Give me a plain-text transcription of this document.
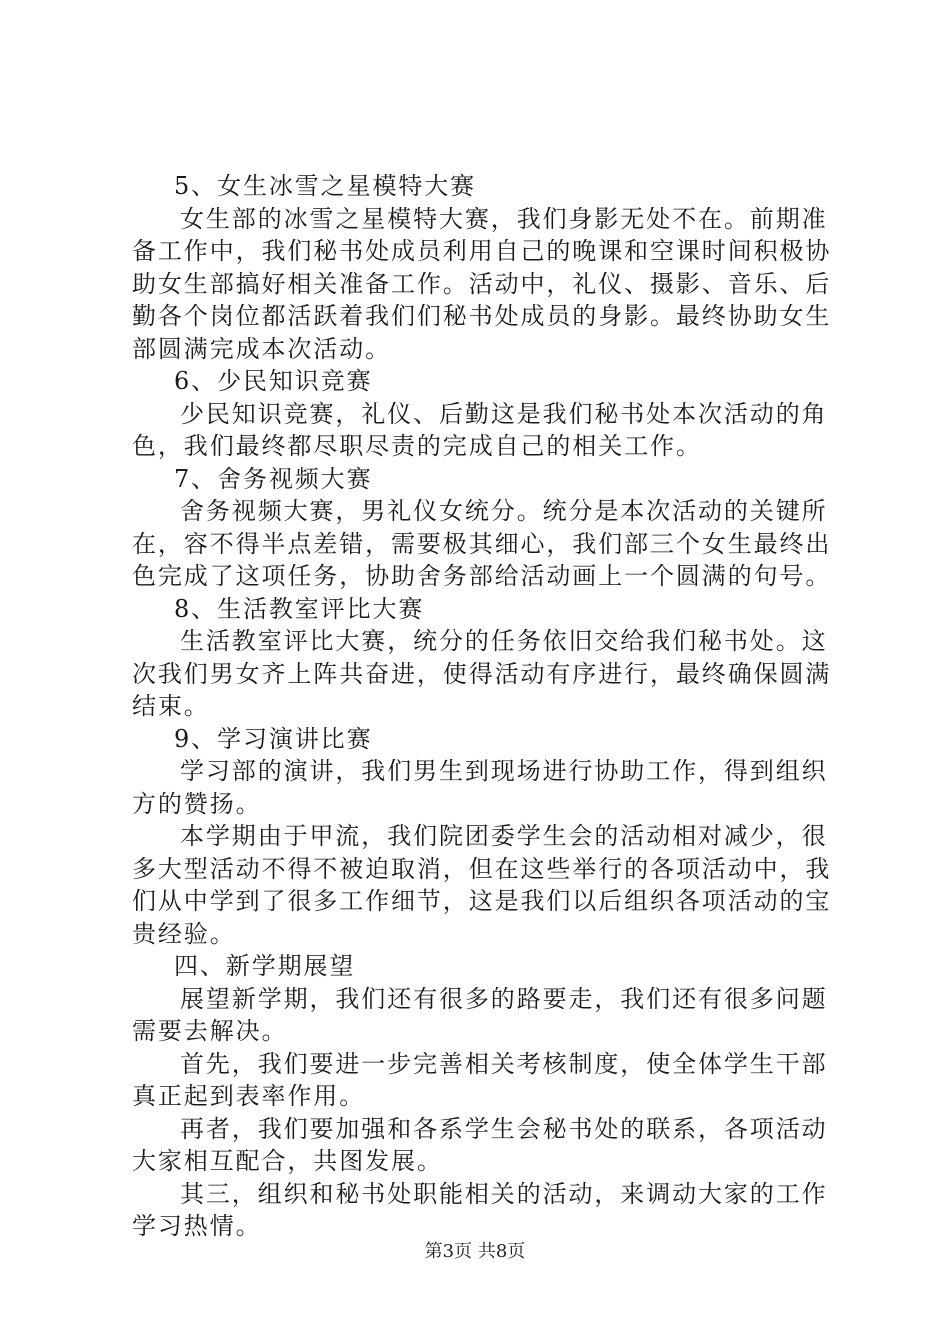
5、女生冰雪之星模特大赛
女生部的冰雪之星模特大赛，我们身影无处不在。前期准
备工作中，我们秘书处成员利用自己的晚课和空课时间积极协
助女生部搞好相关准备工作。活动中，礼仪、摄影、音乐、后
勤各个岗位都活跃着我们们秘书处成员的身影。最终协助女生
部圆满完成本次活动。
6、少民知识竞赛
少民知识竞赛，礼仪、后勤这是我们秘书处本次活动的角
色，我们最终都尽职尽责的完成自己的相关工作。
7、舍务视频大赛
舍务视频大赛，男礼仪女统分。统分是本次活动的关键所
在，容不得半点差错，需要极其细心，我们部三个女生最终出
色完成了这项任务，协助舍务部给活动画上一个圆满的句号。
8、生活教室评比大赛
生活教室评比大赛，统分的任务依旧交给我们秘书处。这
次我们男女齐上阵共奋进，使得活动有序进行，最终确保圆满
结束。
9、学习演讲比赛
学习部的演讲，我们男生到现场进行协助工作，得到组织
方的赞扬。
本学期由于甲流，我们院团委学生会的活动相对减少，很
多大型活动不得不被迫取消，但在这些举行的各项活动中，我
们从中学到了很多工作细节，这是我们以后组织各项活动的宝
贵经验。
四、新学期展望
展望新学期，我们还有很多的路要走，我们还有很多问题
需要去解决。
首先，我们要进一步完善相关考核制度，使全体学生干部
真正起到表率作用。
再者，我们要加强和各系学生会秘书处的联系，各项活动
大家相互配合，共图发展。
其三，组织和秘书处职能相关的活动，来调动大家的工作
学习热情。
第3页 共8页
